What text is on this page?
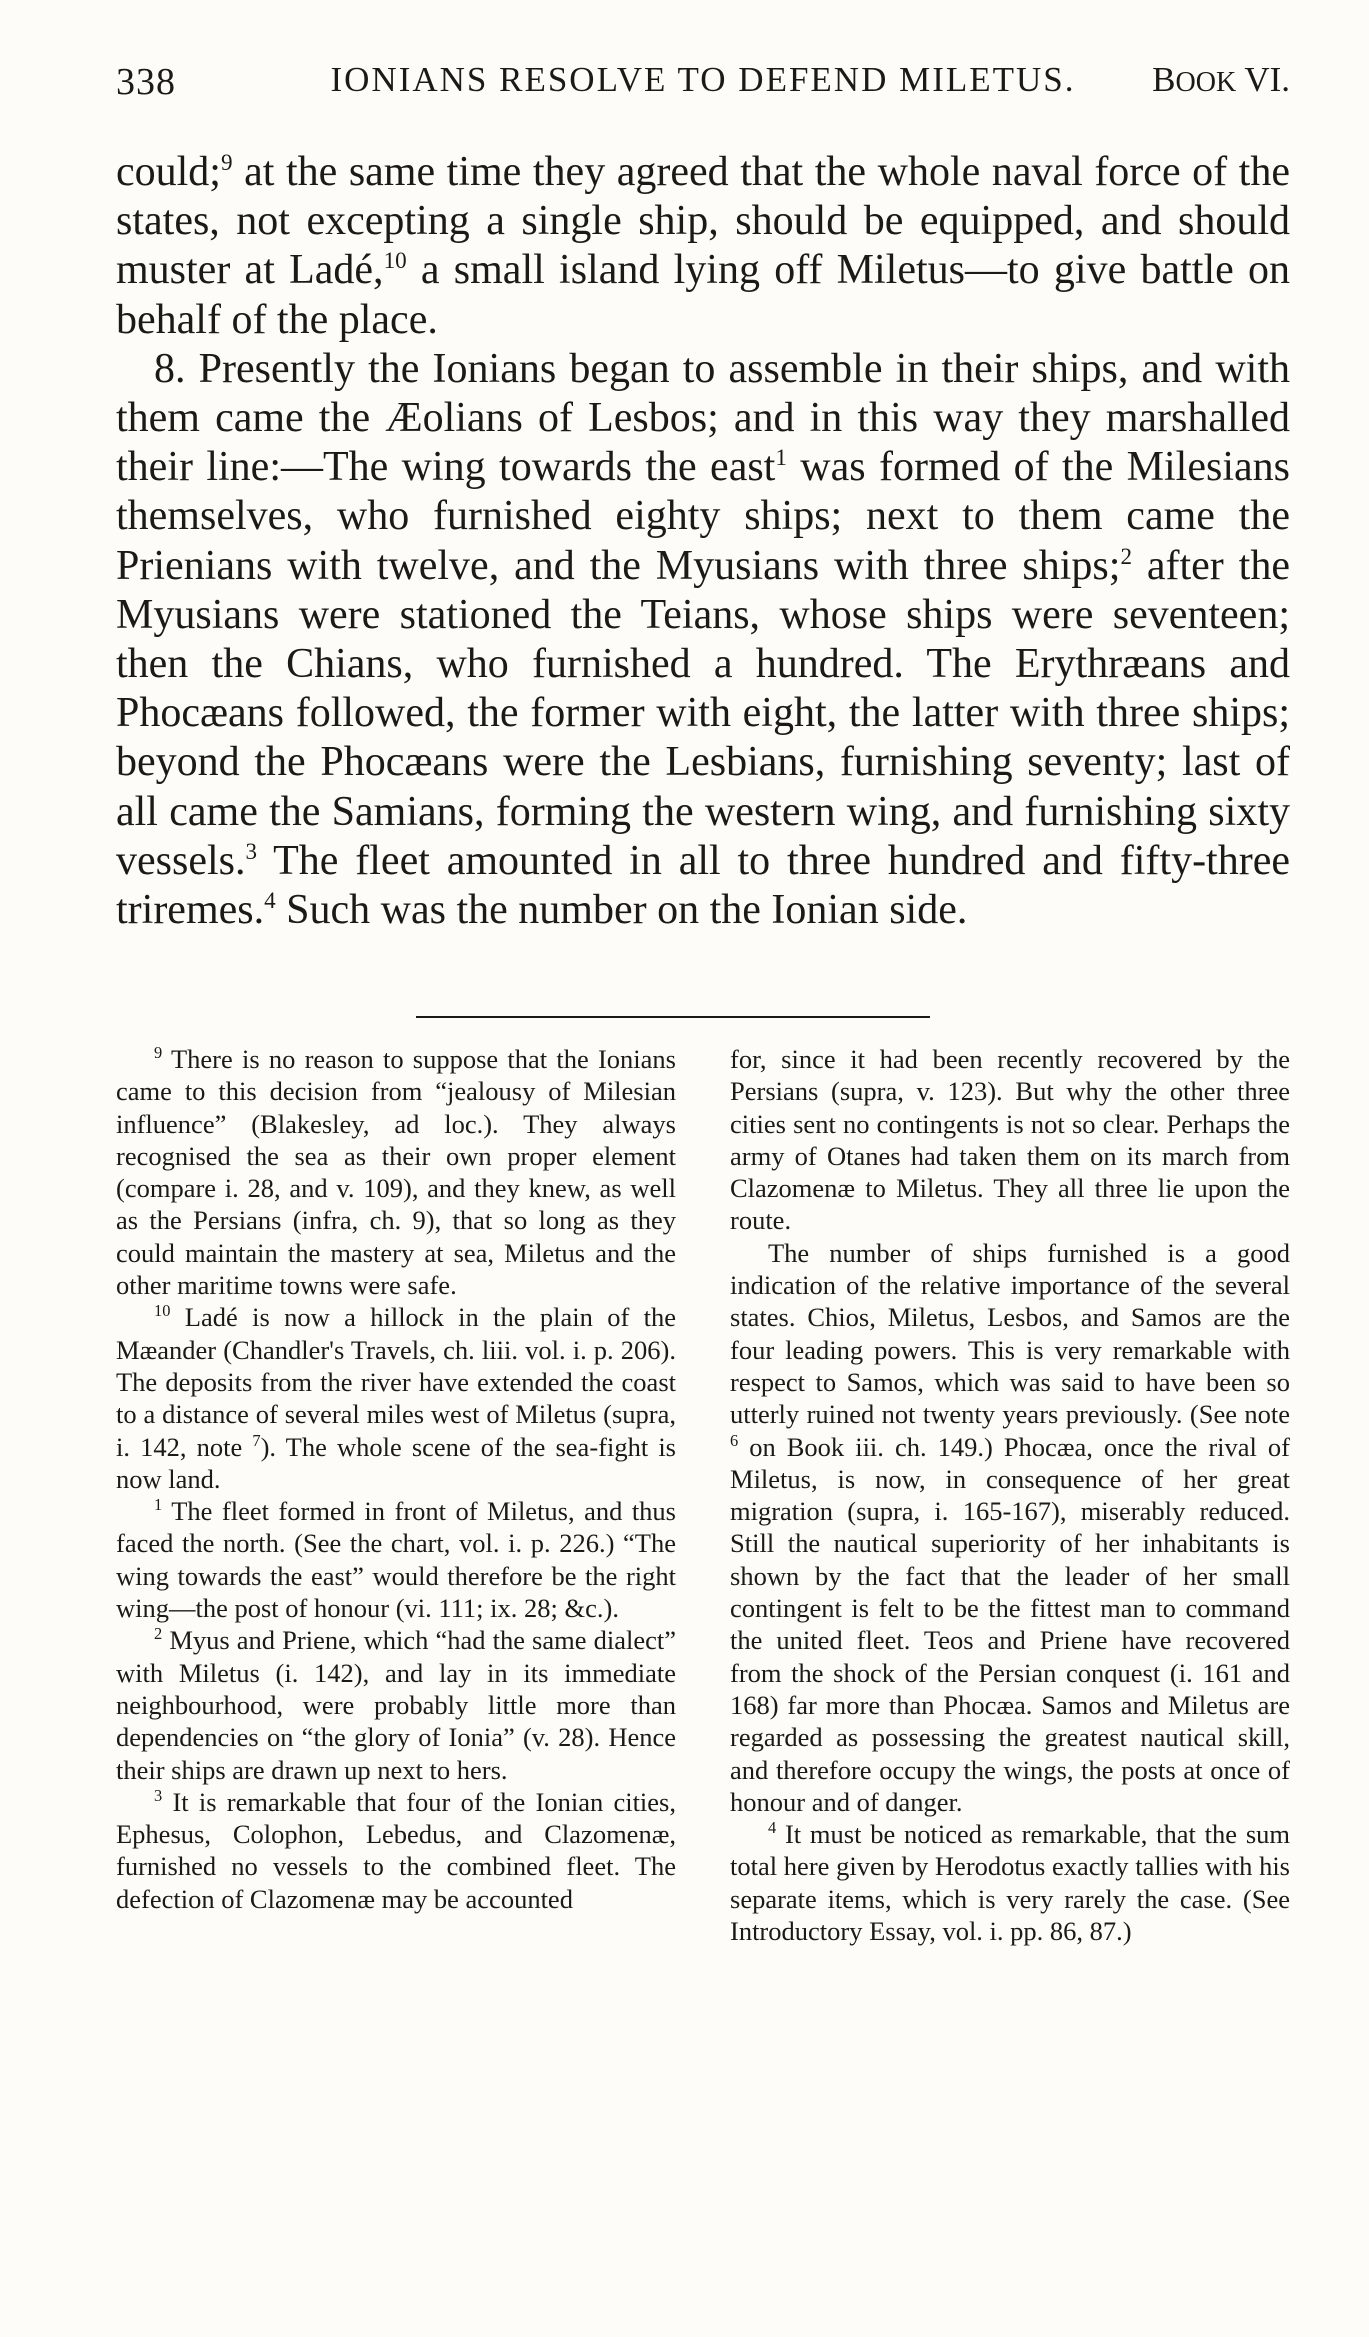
338	IONIANS RESOLVE TO DEFEND MILETUS.	BOOK VI.

could;$^9$ at the same time they agreed that the whole naval force of the states, not excepting a single ship, should be equipped, and should muster at Ladé,$^{10}$ a small island lying off Miletus—to give battle on behalf of the place.

8. Presently the Ionians began to assemble in their ships, and with them came the Æolians of Lesbos; and in this way they marshalled their line:—The wing towards the east$^1$ was formed of the Milesians themselves, who furnished eighty ships; next to them came the Prienians with twelve, and the Myusians with three ships;$^2$ after the Myusians were stationed the Teians, whose ships were seventeen; then the Chians, who furnished a hundred. The Erythræans and Phocæans followed, the former with eight, the latter with three ships; beyond the Phocæans were the Lesbians, furnishing seventy; last of all came the Samians, forming the western wing, and furnishing sixty vessels.$^3$ The fleet amounted in all to three hundred and fifty-three triremes.$^4$ Such was the number on the Ionian side.

$^9$ There is no reason to suppose that the Ionians came to this decision from “jealousy of Milesian influence” (Blakesley, ad loc.). They always recognised the sea as their own proper element (compare i. 28, and v. 109), and they knew, as well as the Persians (infra, ch. 9), that so long as they could maintain the mastery at sea, Miletus and the other maritime towns were safe.

$^{10}$ Ladé is now a hillock in the plain of the Mæander (Chandler's Travels, ch. liii. vol. i. p. 206). The deposits from the river have extended the coast to a distance of several miles west of Miletus (supra, i. 142, note $^7$). The whole scene of the sea-fight is now land.

$^1$ The fleet formed in front of Miletus, and thus faced the north. (See the chart, vol. i. p. 226.) “The wing towards the east” would therefore be the right wing—the post of honour (vi. 111; ix. 28; &c.).

$^2$ Myus and Priene, which “had the same dialect” with Miletus (i. 142), and lay in its immediate neighbourhood, were probably little more than dependencies on “the glory of Ionia” (v. 28). Hence their ships are drawn up next to hers.

$^3$ It is remarkable that four of the Ionian cities, Ephesus, Colophon, Lebedus, and Clazomenæ, furnished no vessels to the combined fleet. The defection of Clazomenæ may be accounted

for, since it had been recently recovered by the Persians (supra, v. 123). But why the other three cities sent no contingents is not so clear. Perhaps the army of Otanes had taken them on its march from Clazomenæ to Miletus. They all three lie upon the route.

The number of ships furnished is a good indication of the relative importance of the several states. Chios, Miletus, Lesbos, and Samos are the four leading powers. This is very remarkable with respect to Samos, which was said to have been so utterly ruined not twenty years previously. (See note $^6$ on Book iii. ch. 149.) Phocæa, once the rival of Miletus, is now, in consequence of her great migration (supra, i. 165-167), miserably reduced. Still the nautical superiority of her inhabitants is shown by the fact that the leader of her small contingent is felt to be the fittest man to command the united fleet. Teos and Priene have recovered from the shock of the Persian conquest (i. 161 and 168) far more than Phocæa. Samos and Miletus are regarded as possessing the greatest nautical skill, and therefore occupy the wings, the posts at once of honour and of danger.

$^4$ It must be noticed as remarkable, that the sum total here given by Herodotus exactly tallies with his separate items, which is very rarely the case. (See Introductory Essay, vol. i. pp. 86, 87.)
